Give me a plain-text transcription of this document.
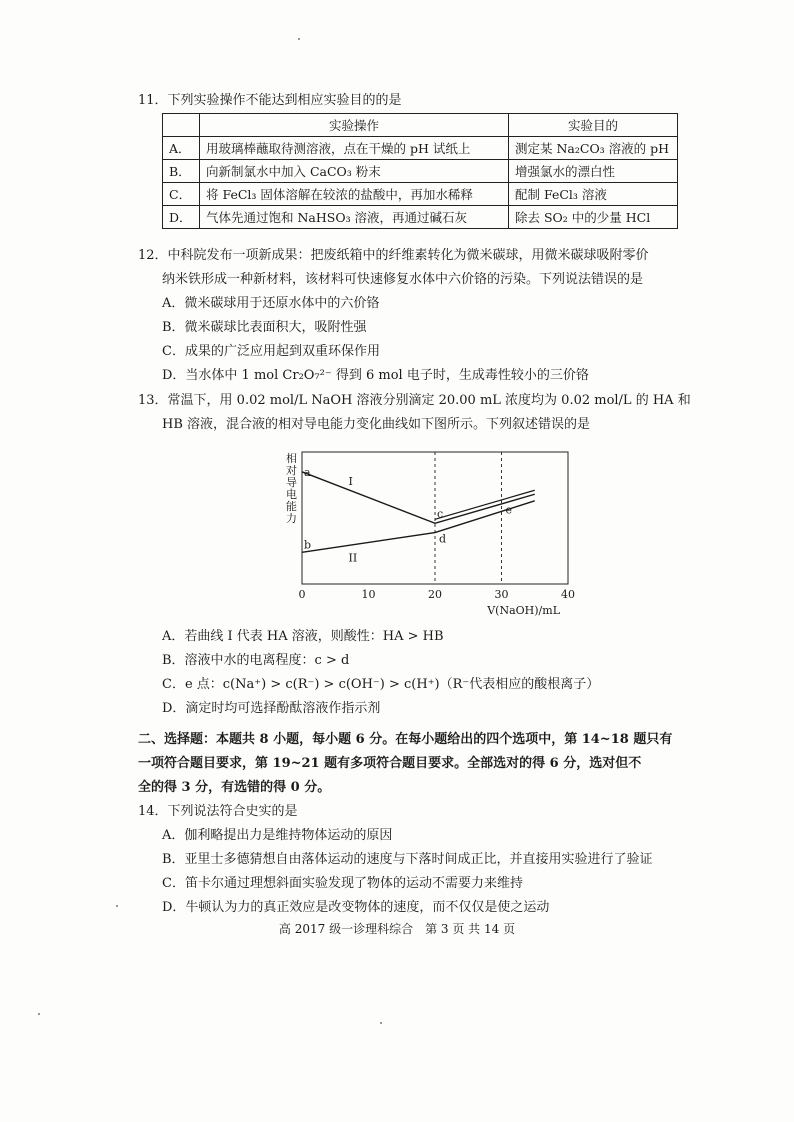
11．下列实验操作不能达到相应实验目的的是
	实验操作	实验目的
A．	用玻璃棒蘸取待测溶液，点在干燥的 pH 试纸上	测定某 Na₂CO₃ 溶液的 pH
B．	向新制氯水中加入 CaCO₃ 粉末	增强氯水的漂白性
C．	将 FeCl₃ 固体溶解在较浓的盐酸中，再加水稀释	配制 FeCl₃ 溶液
D．	气体先通过饱和 NaHSO₃ 溶液，再通过碱石灰	除去 SO₂ 中的少量 HCl
12．中科院发布一项新成果：把废纸箱中的纤维素转化为微米碳球，用微米碳球吸附零价
纳米铁形成一种新材料，该材料可快速修复水体中六价铬的污染。下列说法错误的是
A．微米碳球用于还原水体中的六价铬
B．微米碳球比表面积大，吸附性强
C．成果的广泛应用起到双重环保作用
D．当水体中 1 mol Cr₂O₇²⁻ 得到 6 mol 电子时，生成毒性较小的三价铬
13．常温下，用 0.02 mol/L NaOH 溶液分别滴定 20.00 mL 浓度均为 0.02 mol/L 的 HA 和
HB 溶液，混合液的相对导电能力变化曲线如下图所示。下列叙述错误的是
0	10	20	30	40
a
b
c
d
e
I
II
V(NaOH)/mL
相对导电能力
A．若曲线 I 代表 HA 溶液，则酸性：HA > HB
B．溶液中水的电离程度：c > d
C．e 点：c(Na⁺) > c(R⁻) > c(OH⁻) > c(H⁺)（R⁻代表相应的酸根离子）
D．滴定时均可选择酚酞溶液作指示剂
二、选择题：本题共 8 小题，每小题 6 分。在每小题给出的四个选项中，第 14~18 题只有
一项符合题目要求，第 19~21 题有多项符合题目要求。全部选对的得 6 分，选对但不
全的得 3 分，有选错的得 0 分。
14．下列说法符合史实的是
A．伽利略提出力是维持物体运动的原因
B．亚里士多德猜想自由落体运动的速度与下落时间成正比，并直接用实验进行了验证
C．笛卡尔通过理想斜面实验发现了物体的运动不需要力来维持
D．牛顿认为力的真正效应是改变物体的速度，而不仅仅是使之运动
高 2017 级一诊理科综合　第 3 页 共 14 页
